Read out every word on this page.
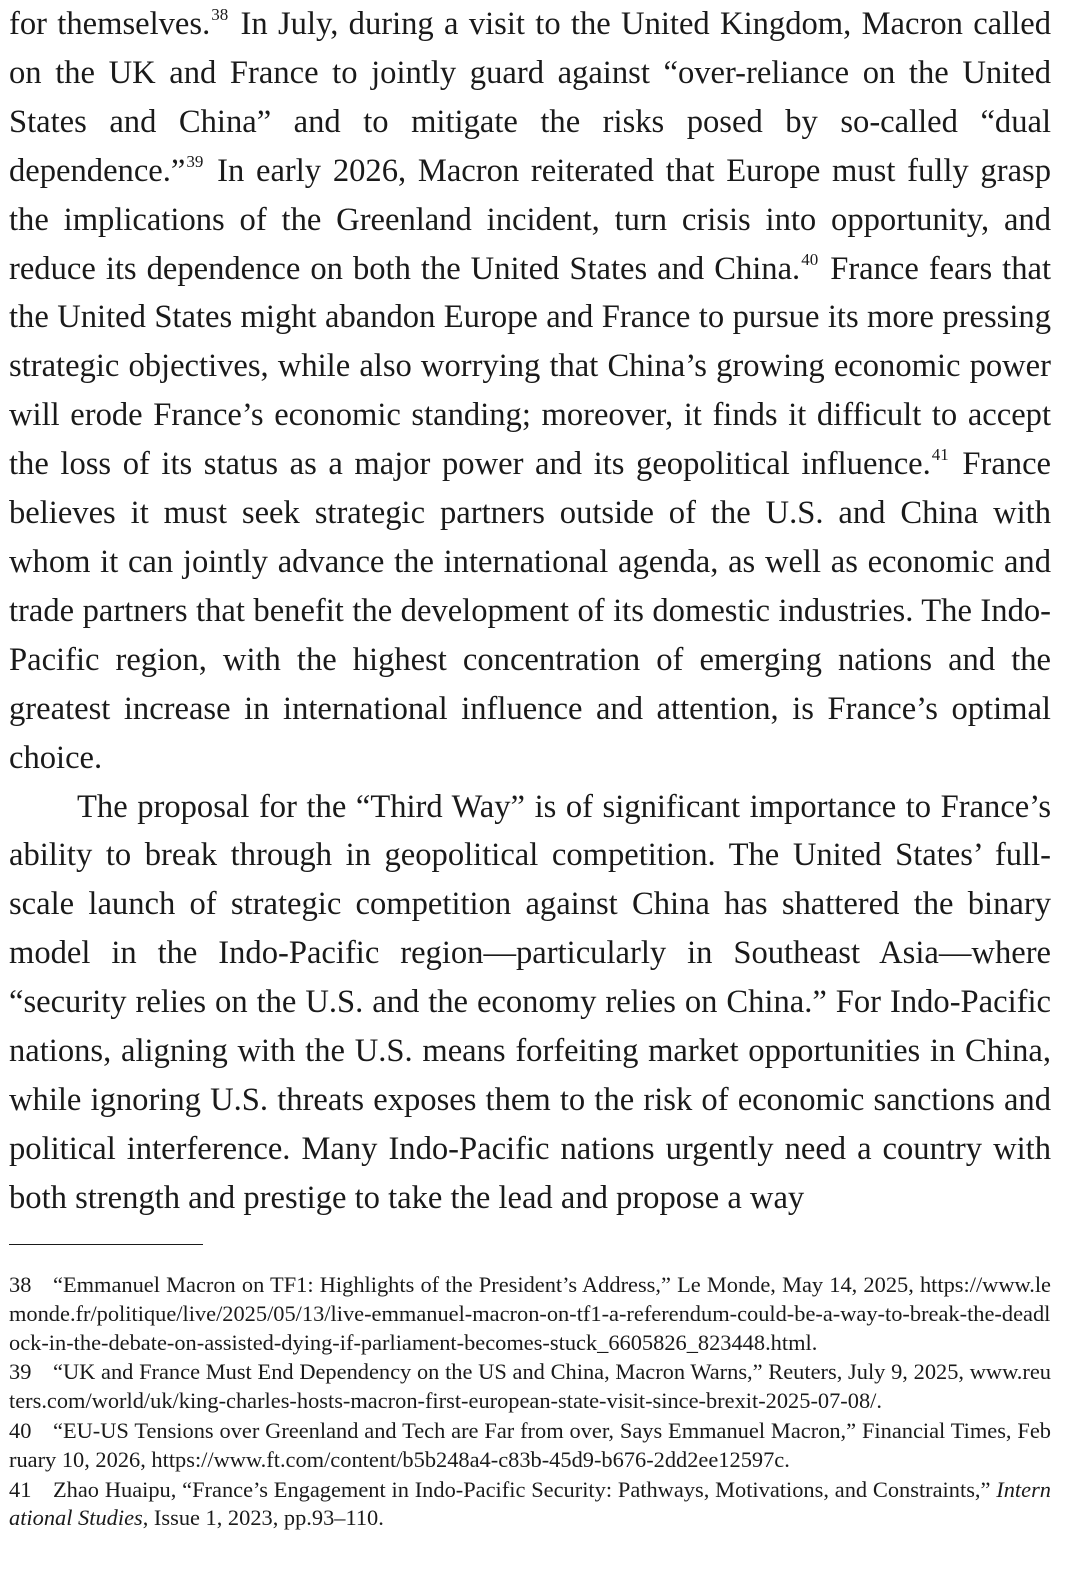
for themselves.$^{38}$ In July, during a visit to the United Kingdom, Macron called on the UK and France to jointly guard against “over-reliance on the United States and China” and to mitigate the risks posed by so-called “dual dependence.”$^{39}$ In early 2026, Macron reiterated that Europe must fully grasp the implications of the Greenland incident, turn crisis into opportunity, and reduce its dependence on both the United States and China.$^{40}$ France fears that the United States might abandon Europe and France to pursue its more pressing strategic objectives, while also worrying that China’s growing economic power will erode France’s economic standing; moreover, it finds it difficult to accept the loss of its status as a major power and its geopolitical influence.$^{41}$ France believes it must seek strategic partners outside of the U.S. and China with whom it can jointly advance the international agenda, as well as economic and trade partners that benefit the development of its domestic industries. The Indo-Pacific region, with the highest concentration of emerging nations and the greatest increase in international influence and attention, is France’s optimal choice.

The proposal for the “Third Way” is of significant importance to France’s ability to break through in geopolitical competition. The United States’ full-scale launch of strategic competition against China has shattered the binary model in the Indo-Pacific region—particularly in Southeast Asia—where “security relies on the U.S. and the economy relies on China.” For Indo-Pacific nations, aligning with the U.S. means forfeiting market opportunities in China, while ignoring U.S. threats exposes them to the risk of economic sanctions and political interference. Many Indo-Pacific nations urgently need a country with both strength and prestige to take the lead and propose a way

38 “Emmanuel Macron on TF1: Highlights of the President’s Address,” Le Monde, May 14, 2025, https://www.lemonde.fr/politique/live/2025/05/13/live-emmanuel-macron-on-tf1-a-referendum-could-be-a-way-to-break-the-deadlock-in-the-debate-on-assisted-dying-if-parliament-becomes-stuck_6605826_823448.html.

39 “UK and France Must End Dependency on the US and China, Macron Warns,” Reuters, July 9, 2025, www.reuters.com/world/uk/king-charles-hosts-macron-first-european-state-visit-since-brexit-2025-07-08/.

40 “EU-US Tensions over Greenland and Tech are Far from over, Says Emmanuel Macron,” Financial Times, February 10, 2026, https://www.ft.com/content/b5b248a4-c83b-45d9-b676-2dd2ee12597c.

41 Zhao Huaipu, “France’s Engagement in Indo-Pacific Security: Pathways, Motivations, and Constraints,” International Studies, Issue 1, 2023, pp.93–110.
